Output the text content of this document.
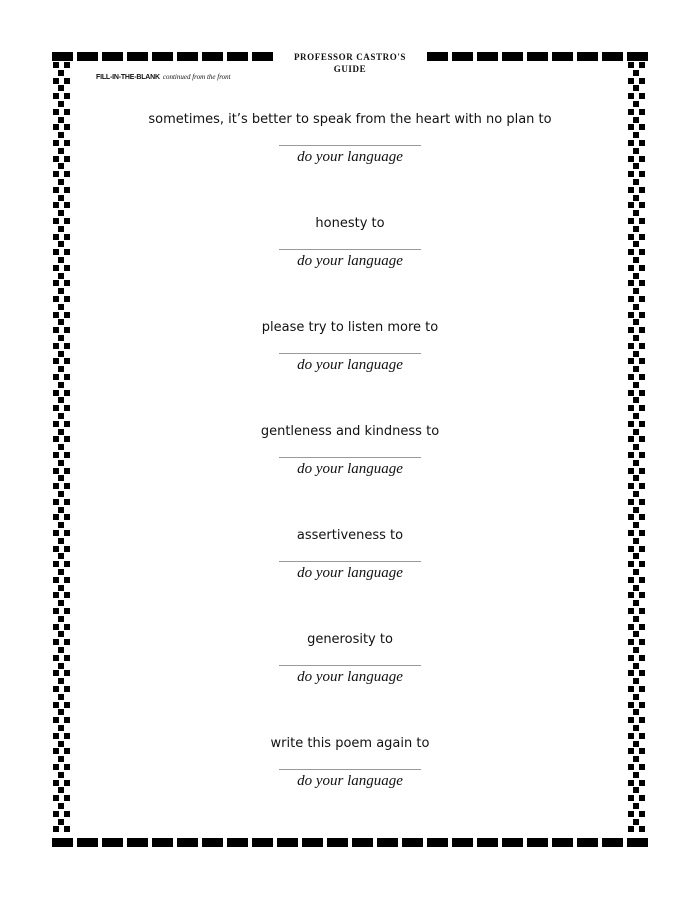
PROFESSOR CASTRO'S GUIDE
FILL-IN-THE-BLANK continued from the front
sometimes, it’s better to speak from the heart with no plan to
do your language
honesty to
do your language
please try to listen more to
do your language
gentleness and kindness to
do your language
assertiveness to
do your language
generosity to
do your language
write this poem again to
do your language
